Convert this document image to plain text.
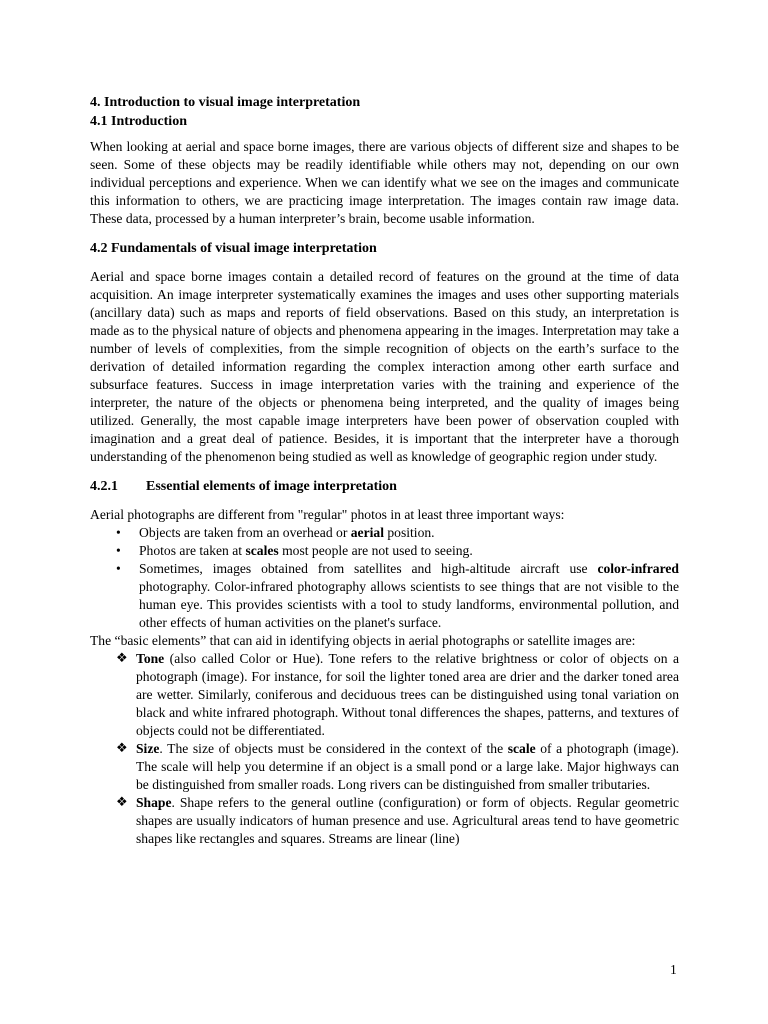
4. Introduction to visual image interpretation
4.1 Introduction

When looking at aerial and space borne images, there are various objects of different size and shapes to be seen. Some of these objects may be readily identifiable while others may not, depending on our own individual perceptions and experience. When we can identify what we see on the images and communicate this information to others, we are practicing image interpretation. The images contain raw image data. These data, processed by a human interpreter’s brain, become usable information.

4.2 Fundamentals of visual image interpretation

Aerial and space borne images contain a detailed record of features on the ground at the time of data acquisition. An image interpreter systematically examines the images and uses other supporting materials (ancillary data) such as maps and reports of field observations. Based on this study, an interpretation is made as to the physical nature of objects and phenomena appearing in the images. Interpretation may take a number of levels of complexities, from the simple recognition of objects on the earth’s surface to the derivation of detailed information regarding the complex interaction among other earth surface and subsurface features. Success in image interpretation varies with the training and experience of the interpreter, the nature of the objects or phenomena being interpreted, and the quality of images being utilized. Generally, the most capable image interpreters have been power of observation coupled with imagination and a great deal of patience. Besides, it is important that the interpreter have a thorough understanding of the phenomenon being studied as well as knowledge of geographic region under study.

4.2.1 Essential elements of image interpretation

Aerial photographs are different from "regular" photos in at least three important ways:

• Objects are taken from an overhead or aerial position.
• Photos are taken at scales most people are not used to seeing.
• Sometimes, images obtained from satellites and high-altitude aircraft use color-infrared photography. Color-infrared photography allows scientists to see things that are not visible to the human eye. This provides scientists with a tool to study landforms, environmental pollution, and other effects of human activities on the planet's surface.

The “basic elements” that can aid in identifying objects in aerial photographs or satellite images are:

❖ Tone (also called Color or Hue). Tone refers to the relative brightness or color of objects on a photograph (image). For instance, for soil the lighter toned area are drier and the darker toned area are wetter. Similarly, coniferous and deciduous trees can be distinguished using tonal variation on black and white infrared photograph. Without tonal differences the shapes, patterns, and textures of objects could not be differentiated.
❖ Size. The size of objects must be considered in the context of the scale of a photograph (image). The scale will help you determine if an object is a small pond or a large lake. Major highways can be distinguished from smaller roads. Long rivers can be distinguished from smaller tributaries.
❖ Shape. Shape refers to the general outline (configuration) or form of objects. Regular geometric shapes are usually indicators of human presence and use. Agricultural areas tend to have geometric shapes like rectangles and squares. Streams are linear (line)
1
